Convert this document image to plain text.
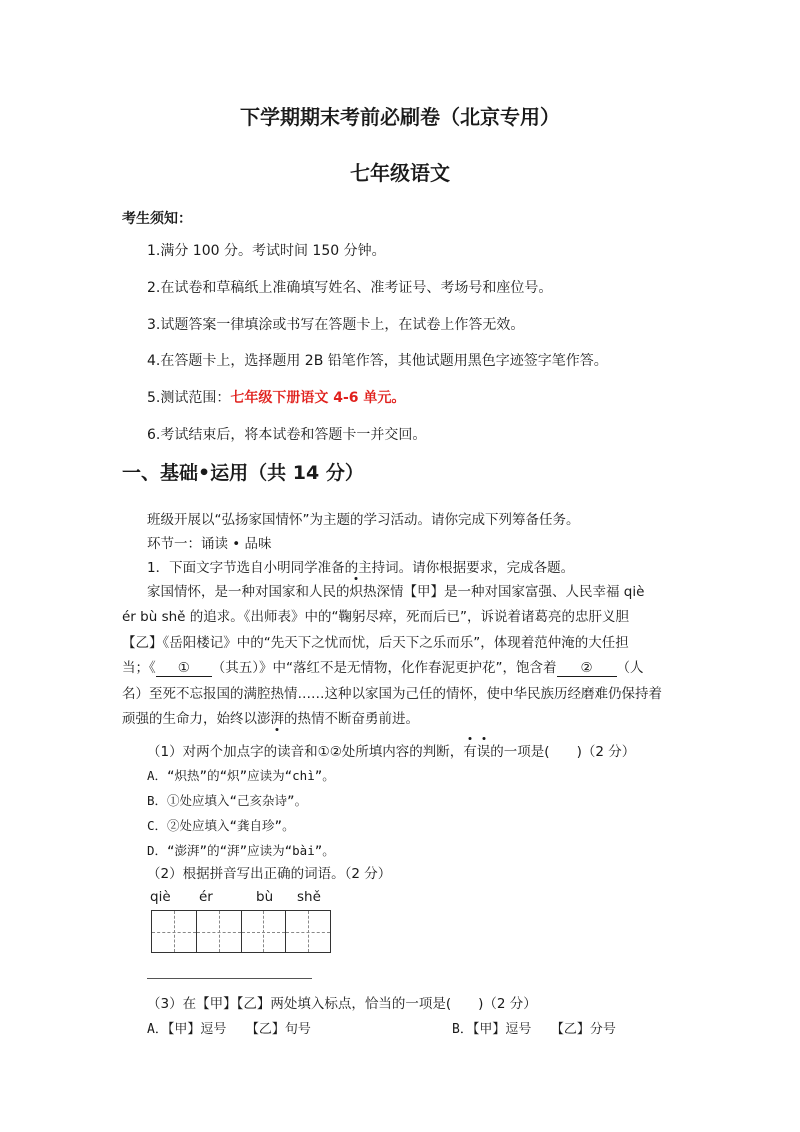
下学期期末考前必刷卷（北京专用）
七年级语文
考生须知：
1.满分 100 分。考试时间 150 分钟。
2.在试卷和草稿纸上准确填写姓名、准考证号、考场号和座位号。
3.试题答案一律填涂或书写在答题卡上，在试卷上作答无效。
4.在答题卡上，选择题用 2B 铅笔作答，其他试题用黑色字迹签字笔作答。
5.测试范围：七年级下册语文 4-6 单元。
6.考试结束后，将本试卷和答题卡一并交回。
一、基础•运用（共 14 分）
班级开展以“弘扬家国情怀”为主题的学习活动。请你完成下列筹备任务。
环节一：诵读 • 品味
1．下面文字节选自小明同学准备的主持词。请你根据要求，完成各题。
家国情怀，是一种对国家和人民的炽热深情【甲】是一种对国家富强、人民幸福 qiè
ér bù shě 的追求。《出师表》中的“鞠躬尽瘁，死而后已”，诉说着诸葛亮的忠肝义胆
【乙】《岳阳楼记》中的“先天下之忧而忧，后天下之乐而乐”，体现着范仲淹的大任担
当；《 ① （其五）》中“落红不是无情物，化作春泥更护花”，饱含着 ② （人
名）至死不忘报国的满腔热情……这种以家国为己任的情怀，使中华民族历经磨难仍保持着
顽强的生命力，始终以澎湃的热情不断奋勇前进。
（1）对两个加点字的读音和①②处所填内容的判断，有误的一项是(　　)（2 分）
A．“炽热”的“炽”应读为“chì”。
B．①处应填入“己亥杂诗”。
C．②处应填入“龚自珍”。
D．“澎湃”的“湃”应读为“bài”。
（2）根据拼音写出正确的词语。（2 分）
qiè ér	bù shě
（3）在【甲】【乙】两处填入标点，恰当的一项是(　　)（2 分）
A．【甲】逗号　　【乙】句号	B．【甲】逗号　　【乙】分号
